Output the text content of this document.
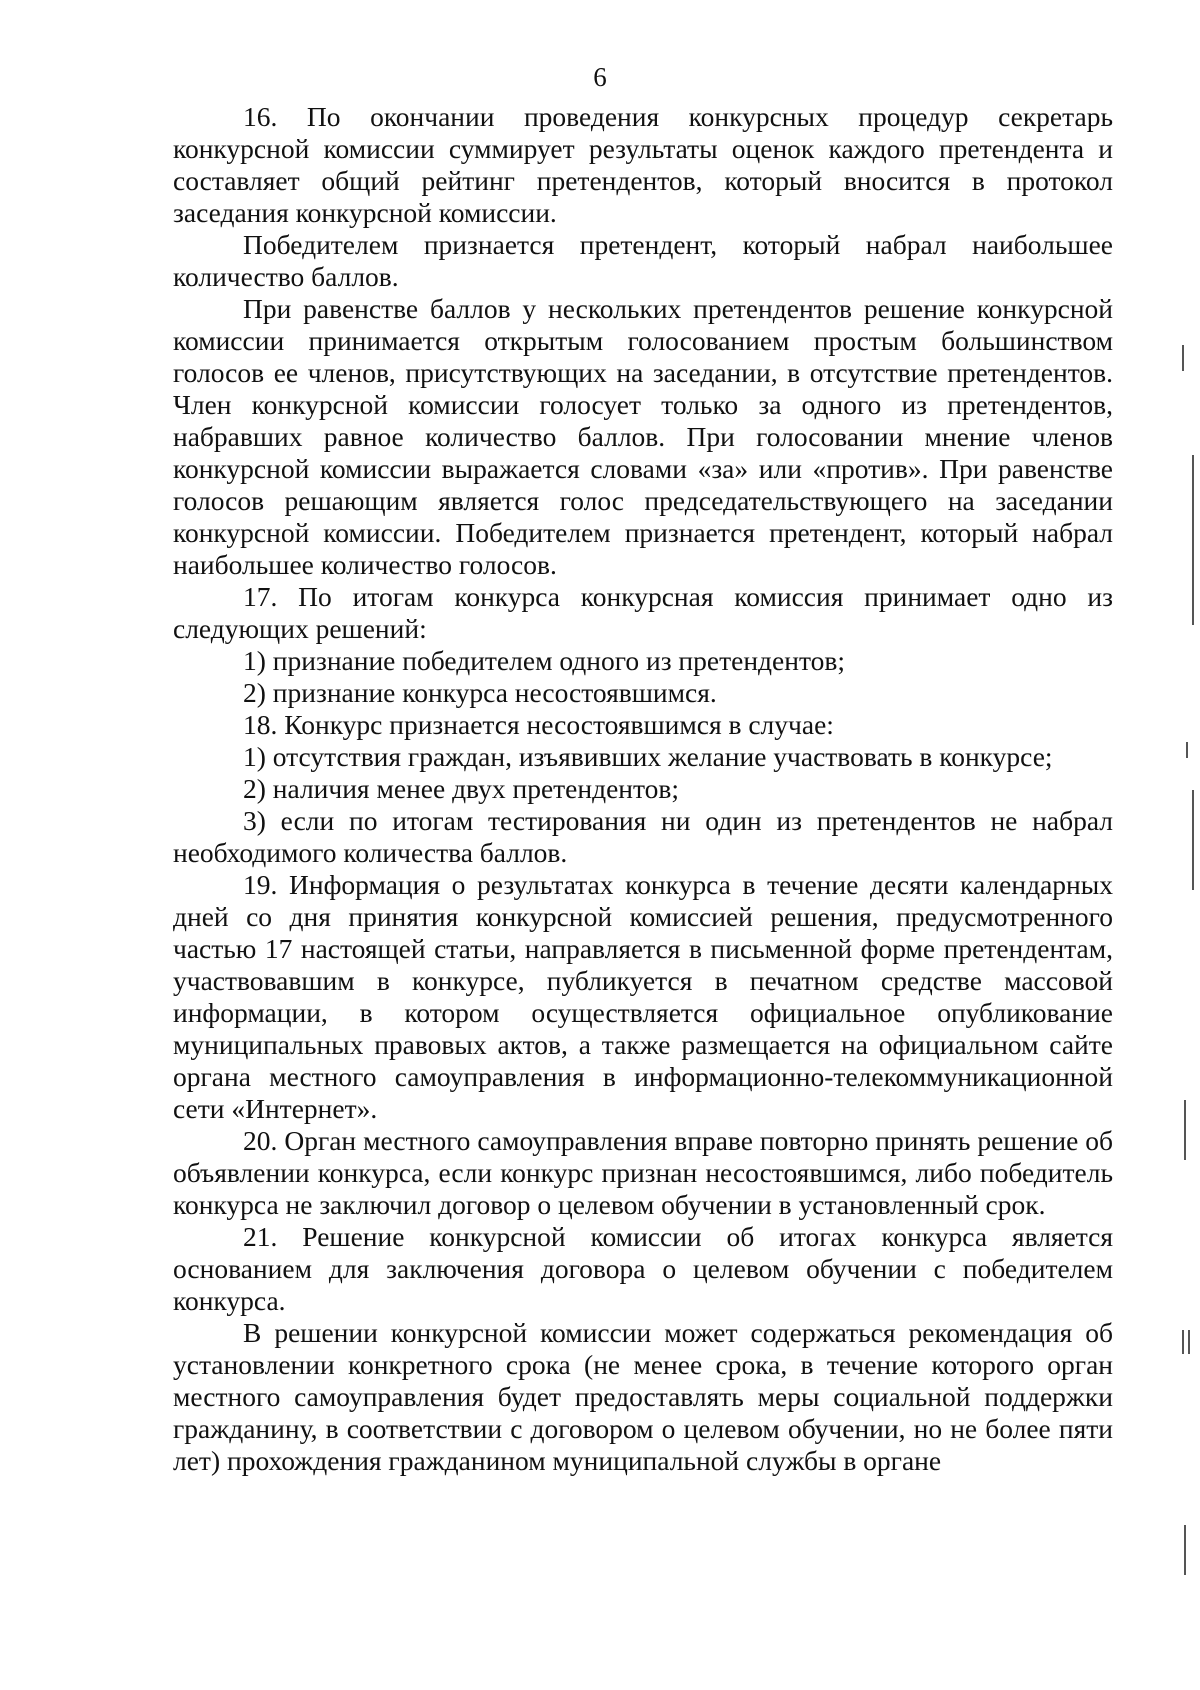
6

16. По окончании проведения конкурсных процедур секретарь конкурсной комиссии суммирует результаты оценок каждого претендента и составляет общий рейтинг претендентов, который вносится в протокол заседания конкурсной комиссии.

Победителем признается претендент, который набрал наибольшее количество баллов.

При равенстве баллов у нескольких претендентов решение конкурсной комиссии принимается открытым голосованием простым большинством голосов ее членов, присутствующих на заседании, в отсутствие претендентов. Член конкурсной комиссии голосует только за одного из претендентов, набравших равное количество баллов. При голосовании мнение членов конкурсной комиссии выражается словами «за» или «против». При равенстве голосов решающим является голос председательствующего на заседании конкурсной комиссии. Победителем признается претендент, который набрал наибольшее количество голосов.

17. По итогам конкурса конкурсная комиссия принимает одно из следующих решений:

1) признание победителем одного из претендентов;

2) признание конкурса несостоявшимся.

18. Конкурс признается несостоявшимся в случае:

1) отсутствия граждан, изъявивших желание участвовать в конкурсе;

2) наличия менее двух претендентов;

3) если по итогам тестирования ни один из претендентов не набрал необходимого количества баллов.

19. Информация о результатах конкурса в течение десяти календарных дней со дня принятия конкурсной комиссией решения, предусмотренного частью 17 настоящей статьи, направляется в письменной форме претендентам, участвовавшим в конкурсе, публикуется в печатном средстве массовой информации, в котором осуществляется официальное опубликование муниципальных правовых актов, а также размещается на официальном сайте органа местного самоуправления в информационно-телекоммуникационной сети «Интернет».

20. Орган местного самоуправления вправе повторно принять решение об объявлении конкурса, если конкурс признан несостоявшимся, либо победитель конкурса не заключил договор о целевом обучении в установленный срок.

21. Решение конкурсной комиссии об итогах конкурса является основанием для заключения договора о целевом обучении с победителем конкурса.

В решении конкурсной комиссии может содержаться рекомендация об установлении конкретного срока (не менее срока, в течение которого орган местного самоуправления будет предоставлять меры социальной поддержки гражданину, в соответствии с договором о целевом обучении, но не более пяти лет) прохождения гражданином муниципальной службы в органе
